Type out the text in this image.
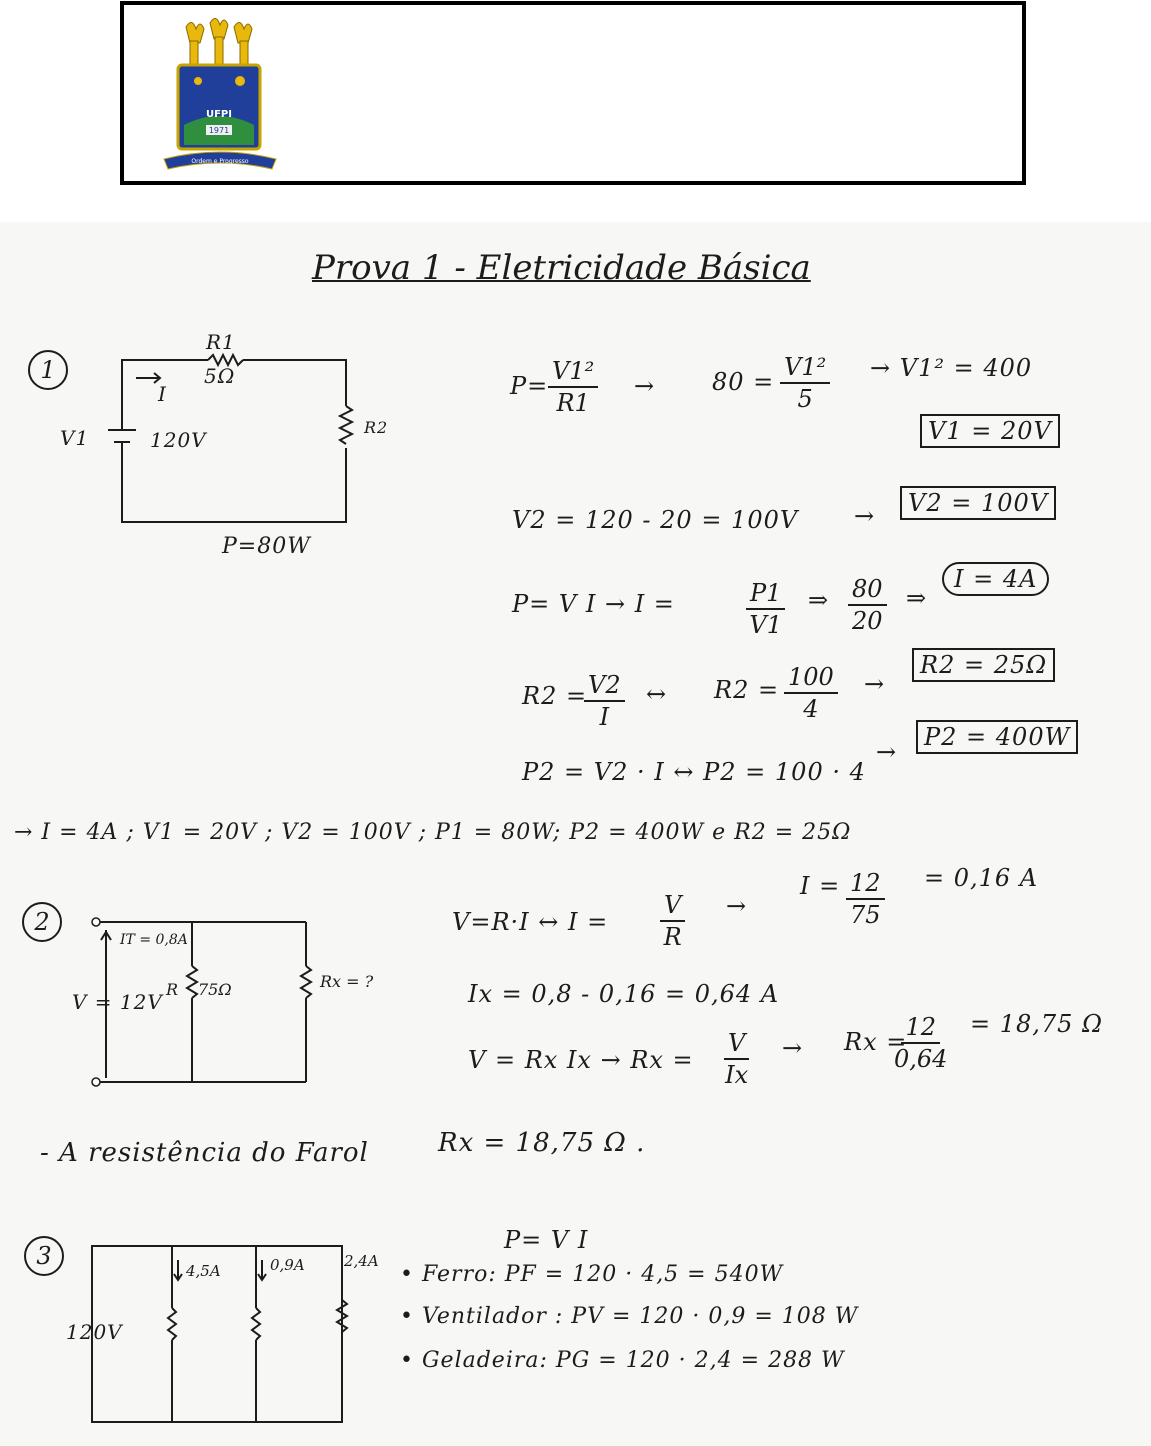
1971
UFPI
Ordem e Progresso
Prova 1 - Eletricidade Básica
1
R1
5Ω
I
V1	120V
R2
P=80W
$P= \frac{\text{V1²}}{R1} \to 80 = \frac{\text{V1²}}{5} \to V1^2 = 400$
V1 = 20V
V2 = 120 - 20 = 100V →	V2 = 100V
P= V I → I =	$\frac{P1}{V1}$ ⇒ $\frac{80}{20}$ ⇒
I = 4A
R2 =
$\frac{V2}{I}$ ↔ $R2 = \frac{100}{4}$ →
R2 = 25Ω
P2 = V2 · I ↔ P2 = 100 · 4
→
P2 = 400W
→ I = 4A ; V1 = 20V ; V2 = 100V ; P1 = 80W; P2 = 400W e R2 = 25Ω
2
IT = 0,8A
V = 12V
R 75Ω	Rx = ?
V=R·I ↔ $I = \frac{V}{R}$ →
$I = \frac{12}{75} = 0,16$ A
Ix = 0,8 - 0,16 = 0,64 A
V = Rx $Ix \to Rx = \frac{V}{Ix} \to Rx$ =
$\frac{12}{0,64} = 18,75$ Ω
- A resistência do Farol	Rx = 18,75 Ω .
3
4,5A	0,9A	2,4A
120V
P= V I
• Ferro: PF = 120 · 4,5 = 540W
• Ventilador : PV = 120 · 0,9 = 108 W
• Geladeira: PG = 120 · 2,4 = 288 W
